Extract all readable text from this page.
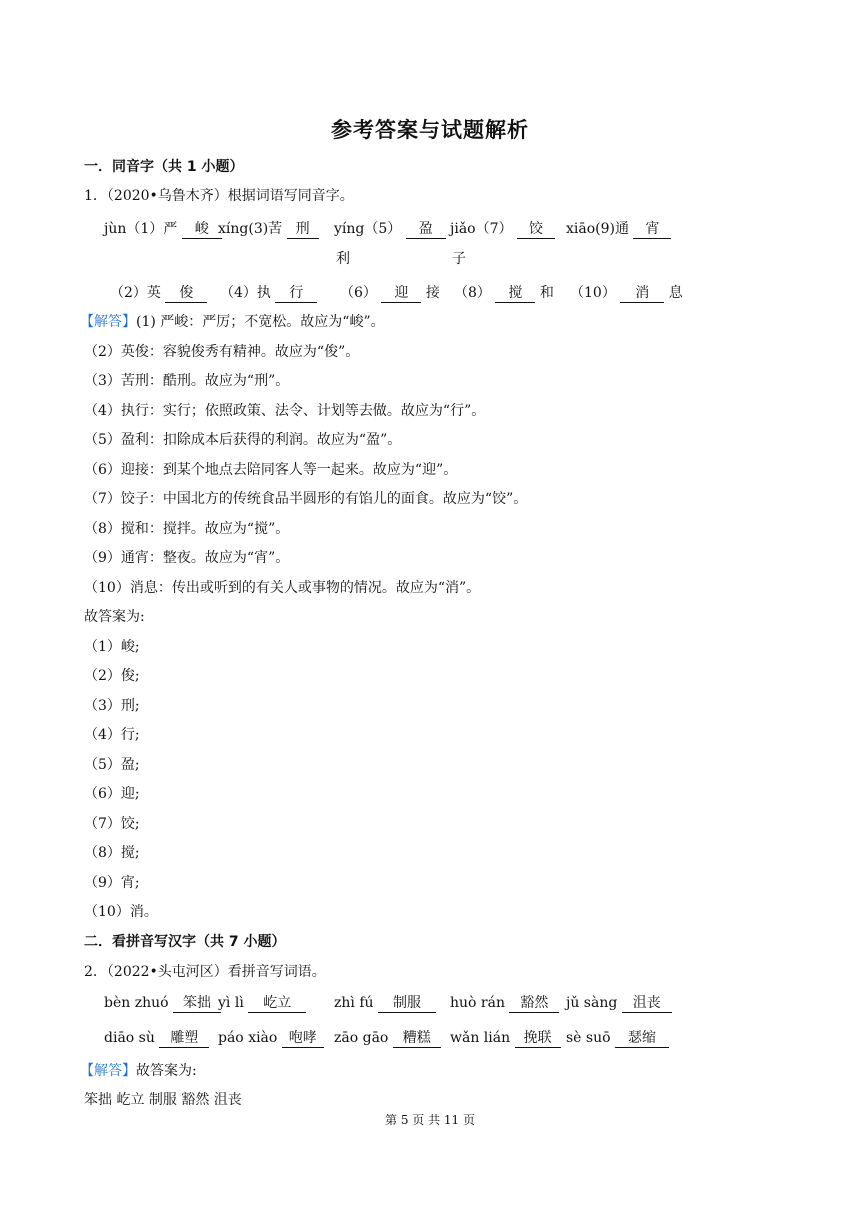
参考答案与试题解析
一．同音字（共 1 小题）
1．（2020•乌鲁木齐）根据词语写同音字。
jùn（1）严 峻 xíng(3)苦 刑	yíng（5） 盈	jiǎo（7） 饺	xiāo(9)通 宵
利	子
（2）英 俊	（4）执 行	（6） 迎 接 （8） 搅 和 （10） 消 息
【解答】(1) 严峻：严厉；不宽松。故应为“峻”。
（2）英俊：容貌俊秀有精神。故应为“俊”。
（3）苦刑：酷刑。故应为“刑”。
（4）执行：实行；依照政策、法令、计划等去做。故应为“行”。
（5）盈利：扣除成本后获得的利润。故应为“盈”。
（6）迎接：到某个地点去陪同客人等一起来。故应为“迎”。
（7）饺子：中国北方的传统食品半圆形的有馅儿的面食。故应为“饺”。
（8）搅和：搅拌。故应为“搅”。
（9）通宵：整夜。故应为“宵”。
（10）消息：传出或听到的有关人或事物的情况。故应为“消”。
故答案为:
（1）峻;
（2）俊;
（3）刑;
（4）行;
（5）盈;
（6）迎;
（7）饺;
（8）搅;
（9）宵;
（10）消。
二．看拼音写汉字（共 7 小题）
2．（2022•头屯河区）看拼音写词语。
bèn zhuó 笨拙 yì lì 屹立	zhì fú 制服	huò rán 豁然	jǔ sàng 沮丧
diāo sù 雕塑	páo xiào 咆哮	zāo gāo 糟糕	wǎn lián 挽联	sè suō 瑟缩
【解答】故答案为:
笨拙 屹立 制服 豁然 沮丧
第 5 页 共 11 页
